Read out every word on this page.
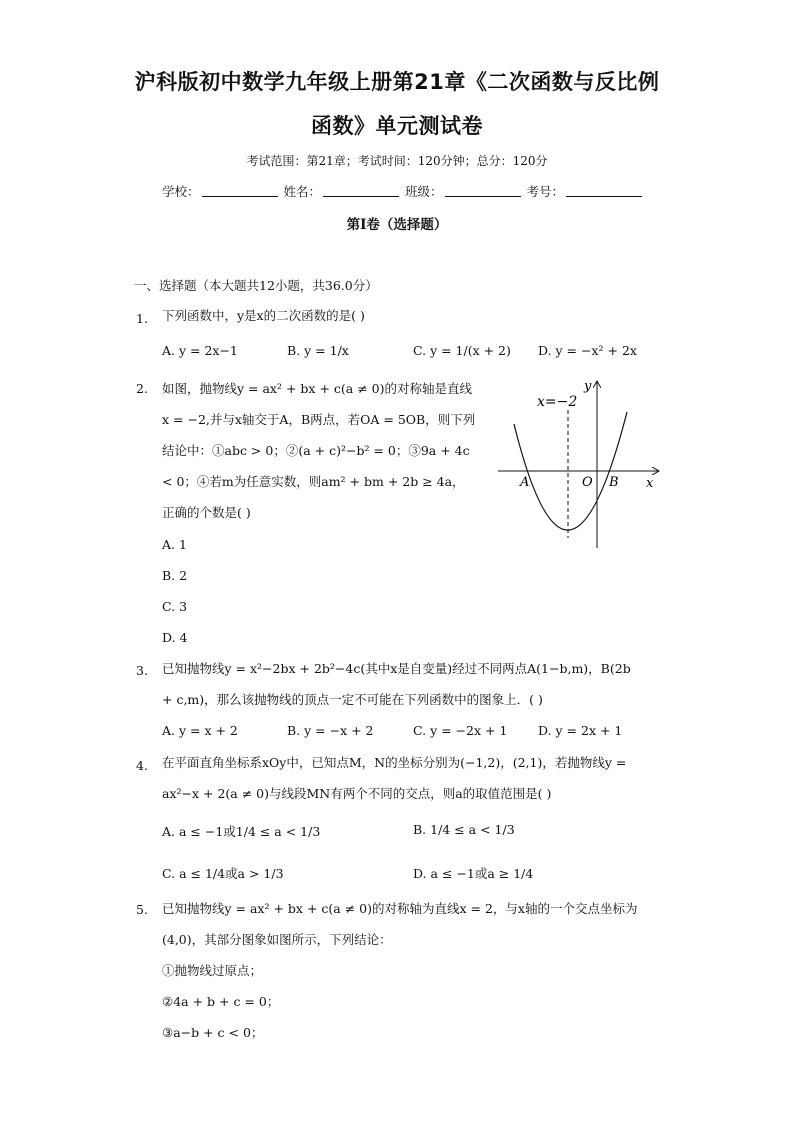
沪科版初中数学九年级上册第21章《二次函数与反比例
函数》单元测试卷
考试范围：第21章；考试时间：120分钟；总分：120分
学校：	姓名：	班级：	考号：
第I卷（选择题）
一、选择题（本大题共12小题，共36.0分）
1. 下列函数中，y是x的二次函数的是( )
A. y = 2x−1	B. y = 1/x	C. y = 1/(x + 2) D. y = −x² + 2x
2. 如图，抛物线y = ax² + bx + c(a ≠ 0)的对称轴是直线
x = −2,并与x轴交于A，B两点，若OA = 5OB，则下列
结论中：①abc > 0；②(a + c)²−b² = 0；③9a + 4c
< 0；④若m为任意实数，则am² + bm + 2b ≥ 4a，
正确的个数是( )
A. 1
B. 2
C. 3
D. 4
x=−2
y
x
A	O B
3. 已知抛物线y = x²−2bx + 2b²−4c(其中x是自变量)经过不同两点A(1−b,m)，B(2b
+ c,m)，那么该抛物线的顶点一定不可能在下列函数中的图象上．( )
A. y = x + 2	B. y = −x + 2	C. y = −2x + 1 D. y = 2x + 1
4. 在平面直角坐标系xOy中，已知点M，N的坐标分别为(−1,2)，(2,1)，若抛物线y =
ax²−x + 2(a ≠ 0)与线段MN有两个不同的交点，则a的取值范围是( )
A. a ≤ −1或1/4 ≤ a < 1/3	B. 1/4 ≤ a < 1/3
C. a ≤ 1/4或a > 1/3	D. a ≤ −1或a ≥ 1/4
5. 已知抛物线y = ax² + bx + c(a ≠ 0)的对称轴为直线x = 2，与x轴的一个交点坐标为
(4,0)，其部分图象如图所示，下列结论：
①抛物线过原点；
②4a + b + c = 0；
③a−b + c < 0；
